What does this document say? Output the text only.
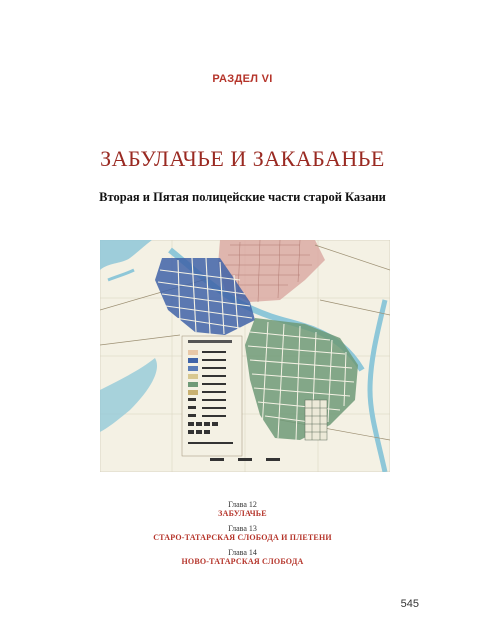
РАЗДЕЛ VI
ЗАБУЛАЧЬЕ И ЗАКАБАНЬЕ
Вторая и Пятая полицейские части старой Казани
Глава 12
ЗАБУЛАЧЬЕ
Глава 13
СТАРО-ТАТАРСКАЯ СЛОБОДА И ПЛЕТЕНИ
Глава 14
НОВО-ТАТАРСКАЯ СЛОБОДА
545
